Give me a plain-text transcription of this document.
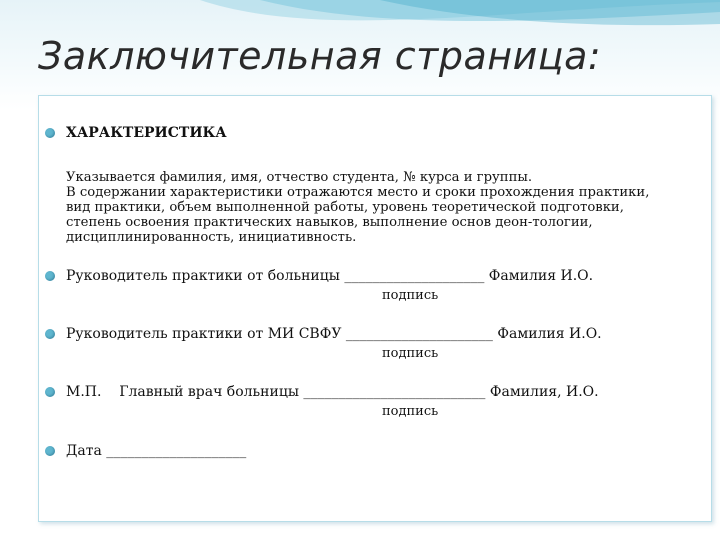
Заключительная страница:
ХАРАКТЕРИСТИКА
Указывается фамилия, имя, отчество студента, № курса и группы.
В содержании характеристики отражаются место и сроки прохождения практики,
вид практики, объем выполненной работы, уровень теоретической подготовки,
степень освоения практических навыков, выполнение основ деон-тологии,
дисциплинированность, инициативность.
Руководитель практики от больницы ____________________ Фамилия И.О.
подпись
Руководитель практики от МИ СВФУ _____________________ Фамилия И.О.
подпись
М.П.    Главный врач больницы __________________________ Фамилия, И.О.
подпись
Дата ____________________
